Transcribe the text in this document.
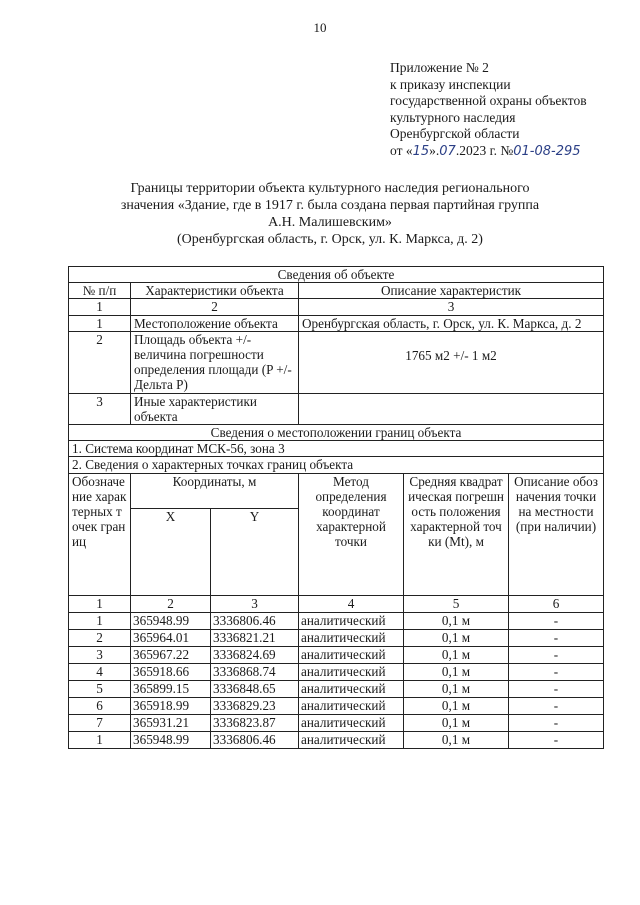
10
Приложение № 2
к приказу инспекции
государственной охраны объектов
культурного наследия
Оренбургской области
от «15».07.2023 г. №01-08-295
Границы территории объекта культурного наследия регионального
значения «Здание, где в 1917 г. была создана первая партийная группа
А.Н. Малишевским»
(Оренбургская область, г. Орск, ул. К. Маркса, д. 2)
Сведения об объекте					
№ п/п	Характеристики объекта		Описание характеристик		
1	2		3		
1	Местоположение объекта		Оренбургская область, г. Орск, ул. К. Маркса, д. 2		
2	Площадь объекта +/- величина погрешности определения площади (P +/- Дельта P)		1765 м2 +/- 1 м2		
3	Иные характеристики объекта				
Сведения о местоположении границ объекта					
1. Система координат МСК-56, зона 3					
2. Сведения о характерных точках границ объекта					
Обозначение характерных точек границ	Координаты, м		Метод определения координат характерной точки	Средняя квадратическая погрешность положения характерной точки (Mt), м	Описание обозначения точки на местности (при наличии)
	X	Y			
1	2	3	4	5	6
1	365948.99	3336806.46	аналитический	0,1 м	-
2	365964.01	3336821.21	аналитический	0,1 м	-
3	365967.22	3336824.69	аналитический	0,1 м	-
4	365918.66	3336868.74	аналитический	0,1 м	-
5	365899.15	3336848.65	аналитический	0,1 м	-
6	365918.99	3336829.23	аналитический	0,1 м	-
7	365931.21	3336823.87	аналитический	0,1 м	-
1	365948.99	3336806.46	аналитический	0,1 м	-
